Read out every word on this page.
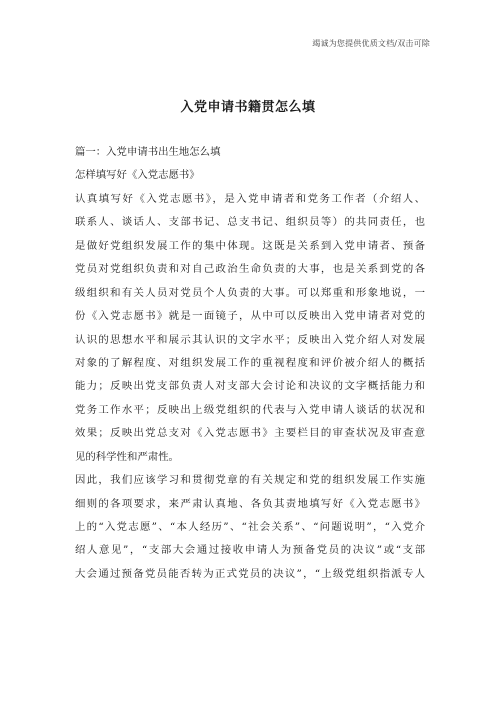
竭诚为您提供优质文档/双击可除
入党申请书籍贯怎么填
篇一：入党申请书出生地怎么填
怎样填写好《入党志愿书》
认真填写好《入党志愿书》，是入党申请者和党务工作者（介绍人、
联系人、谈话人、支部书记、总支书记、组织员等）的共同责任，也
是做好党组织发展工作的集中体现。这既是关系到入党申请者、预备
党员对党组织负责和对自己政治生命负责的大事，也是关系到党的各
级组织和有关人员对党员个人负责的大事。可以郑重和形象地说，一
份《入党志愿书》就是一面镜子，从中可以反映出入党申请者对党的
认识的思想水平和展示其认识的文字水平；反映出入党介绍人对发展
对象的了解程度、对组织发展工作的重视程度和评价被介绍人的概括
能力；反映出党支部负责人对支部大会讨论和决议的文字概括能力和
党务工作水平；反映出上级党组织的代表与入党申请人谈话的状况和
效果；反映出党总支对《入党志愿书》主要栏目的审查状况及审查意
见的科学性和严肃性。
因此，我们应该学习和贯彻党章的有关规定和党的组织发展工作实施
细则的各项要求，来严肃认真地、各负其责地填写好《入党志愿书》
上的“入党志愿”、“本人经历”、“社会关系”、“问题说明”，“入党介
绍人意见”，“支部大会通过接收申请人为预备党员的决议”或“支部
大会通过预备党员能否转为正式党员的决议”，“上级党组织指派专人
